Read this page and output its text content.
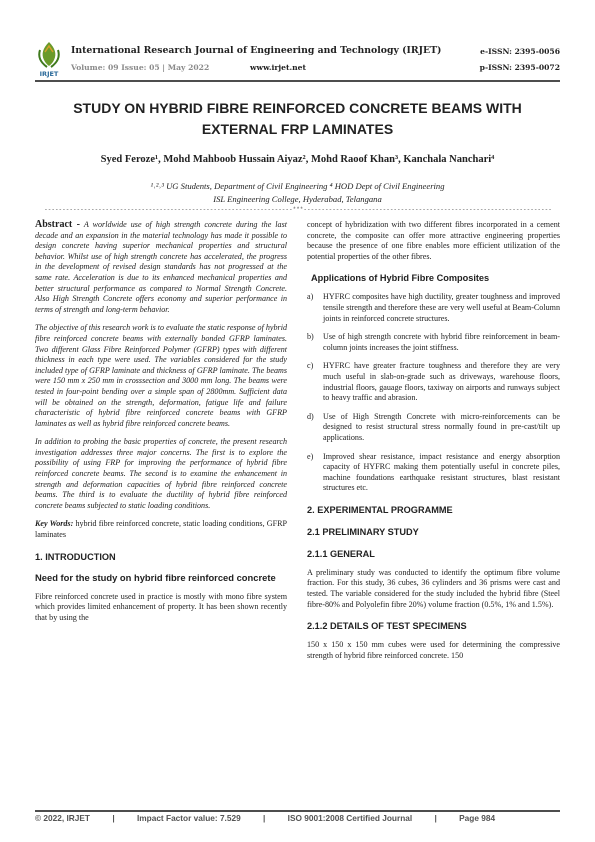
IRJET
International Research Journal of Engineering and Technology (IRJET)
Volume: 09 Issue: 05 | May 2022	www.irjet.net
e-ISSN: 2395-0056
p-ISSN: 2395-0072
STUDY ON HYBRID FIBRE REINFORCED CONCRETE BEAMS WITH EXTERNAL FRP LAMINATES
Syed Feroze¹, Mohd Mahboob Hussain Aiyaz², Mohd Raoof Khan³, Kanchala Nanchari⁴
¹˒²˒³ UG Students, Department of Civil Engineering ⁴ HOD Dept of Civil Engineering
ISL Engineering College, Hyderabad, Telangana
---------------------------------------------------------------------***---------------------------------------------------------------------

Abstract - A worldwide use of high strength concrete during the last decade and an expansion in the material technology has made it possible to design concrete having superior mechanical properties and structural behavior. Whilst use of high strength concrete has accelerated, the progress in the development of revised design standards has not progressed at the same rate. Acceleration is due to its enhanced mechanical properties and better structural performance as compared to Normal Strength Concrete. Also High Strength Concrete offers economy and superior performance in terms of strength and long-term behavior.

The objective of this research work is to evaluate the static response of hybrid fibre reinforced concrete beams with externally bonded GFRP laminates. Two different Glass Fibre Reinforced Polymer (GFRP) types with different thickness in each type were used. The variables considered for the study included type of GFRP laminate and thickness of GFRP laminate. The beams were 150 mm x 250 mm in crosssection and 3000 mm long. The beams were tested in four-point bending over a simple span of 2800mm. Sufficient data will be obtained on the strength, deformation, fatigue life and failure characteristic of hybrid fibre reinforced concrete beams with GFRP laminates as well as hybrid fibre reinforced concrete beams.

In addition to probing the basic properties of concrete, the present research investigation addresses three major concerns. The first is to explore the possibility of using FRP for improving the performance of hybrid fibre reinforced concrete beams. The second is to examine the enhancement in strength and deformation capacities of hybrid fibre reinforced concrete beams. The third is to evaluate the ductility of hybrid fibre reinforced concrete beams subjected to static loading conditions.

Key Words: hybrid fibre reinforced concrete, static loading conditions, GFRP laminates

1. INTRODUCTION
Need for the study on hybrid fibre reinforced concrete

Fibre reinforced concrete used in practice is mostly with mono fibre system which provides limited enhancement of property. It has been shown recently that by using the

concept of hybridization with two different fibres incorporated in a cement concrete, the composite can offer more attractive engineering properties because the presence of one fibre enables more efficient utilization of the potential properties of the other fibres.

Applications of Hybrid Fibre Composites
a) HYFRC composites have high ductility, greater toughness and improved tensile strength and therefore these are very well useful at Beam-Column joints in reinforced concrete structures.
b) Use of high strength concrete with hybrid fibre reinforcement in beam-column joints increases the joint stiffness.
c) HYFRC have greater fracture toughness and therefore they are very much useful in slab-on-grade such as driveways, warehouse floors, industrial floors, gauage floors, taxiway on airports and runways subject to heavy traffic and abrasion.
d) Use of High Strength Concrete with micro-reinforcements can be designed to resist structural stress normally found in pre-cast/tilt up applications.
e) Improved shear resistance, impact resistance and energy absorption capacity of HYFRC making them potentially useful in concrete piles, machine foundations earthquake resistant structures, blast resistant structures etc.
2. EXPERIMENTAL PROGRAMME
2.1 PRELIMINARY STUDY
2.1.1 GENERAL

A preliminary study was conducted to identify the optimum fibre volume fraction. For this study, 36 cubes, 36 cylinders and 36 prisms were cast and tested. The variable considered for the study included the hybrid fibre (Steel fibre-80% and Polyolefin fibre 20%) volume fraction (0.5%, 1% and 1.5%).

2.1.2 DETAILS OF TEST SPECIMENS

150 x 150 x 150 mm cubes were used for determining the compressive strength of hybrid fibre reinforced concrete. 150

© 2022, IRJET	|	Impact Factor value: 7.529	|	ISO 9001:2008 Certified Journal	|	Page 984
